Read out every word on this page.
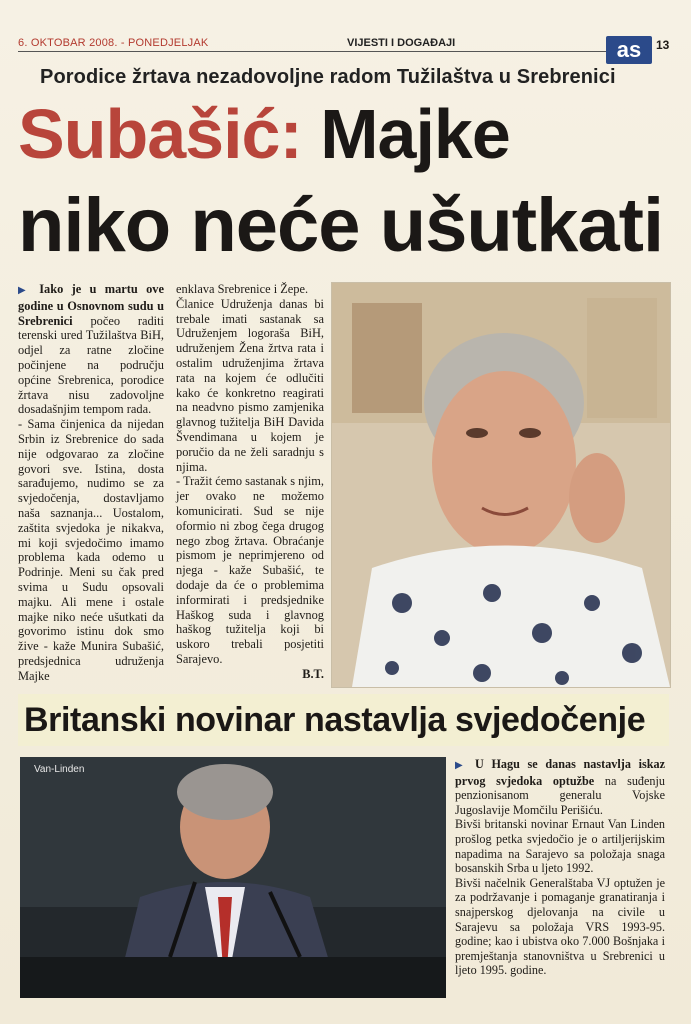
6. OKTOBAR 2008. - PONEDJELJAK	VIJESTI I DOGAĐAJI	as	13
Porodice žrtava nezadovoljne radom Tužilaštva u Srebrenici
Subašić: Majke
niko neće ušutkati

▶ Iako je u martu ove godine u Osnovnom sudu u Srebrenici počeo raditi terenski ured Tužilaštva BiH, odjel za ratne zločine počinjene na području općine Srebrenica, porodice žrtava nisu zadovoljne dosadašnjim tempom rada.

- Sama činjenica da nijedan Srbin iz Srebrenice do sada nije odgovarao za zločine govori sve. Istina, dosta sarađujemo, nudimo se za svjedočenja, dostavljamo naša saznanja... Uostalom, zaštita svjedoka je nikakva, mi koji svjedočimo imamo problema kada odemo u Podrinje. Meni su čak pred svima u Sudu opsovali majku. Ali mene i ostale majke niko neće ušutkati da govorimo istinu dok smo žive - kaže Munira Subašić, predsjednica udruženja Majke

enklava Srebrenice i Žepe.

Članice Udruženja danas bi trebale imati sastanak sa Udruženjem logoraša BiH, udruženjem Žena žrtva rata i ostalim udruženjima žrtava rata na kojem će odlučiti kako će konkretno reagirati na neadvno pismo zamjenika glavnog tužitelja BiH Davida Švendimana u kojem je poručio da ne želi saradnju s njima.

- Tražit ćemo sastanak s njim, jer ovako ne možemo komunicirati. Sud se nije oformio ni zbog čega drugog nego zbog žrtava. Obraćanje pismom je neprimjereno od njega - kaže Subašić, te dodaje da će o problemima informirati i predsjednike Haškog suda i glavnog haškog tužitelja koji bi uskoro trebali posjetiti Sarajevo.

B.T.

Britanski novinar nastavlja svjedočenje
Van-Linden	▶ U Hagu se danas nastavlja iskaz prvog svjedoka optužbe na suđenju penzionisanom generalu Vojske Jugoslavije Momčilu Perišiću.

Bivši britanski novinar Ernaut Van Linden prošlog petka svjedočio je o artiljerijskim napadima na Sarajevo sa položaja snaga bosanskih Srba u ljeto 1992.

Bivši načelnik Generalštaba VJ optužen je za podržavanje i pomaganje granatiranja i snajperskog djelovanja na civile u Sarajevu sa položaja VRS 1993-95. godine; kao i ubistva oko 7.000 Bošnjaka i premještanja stanovništva u Srebrenici u ljeto 1995. godine.
